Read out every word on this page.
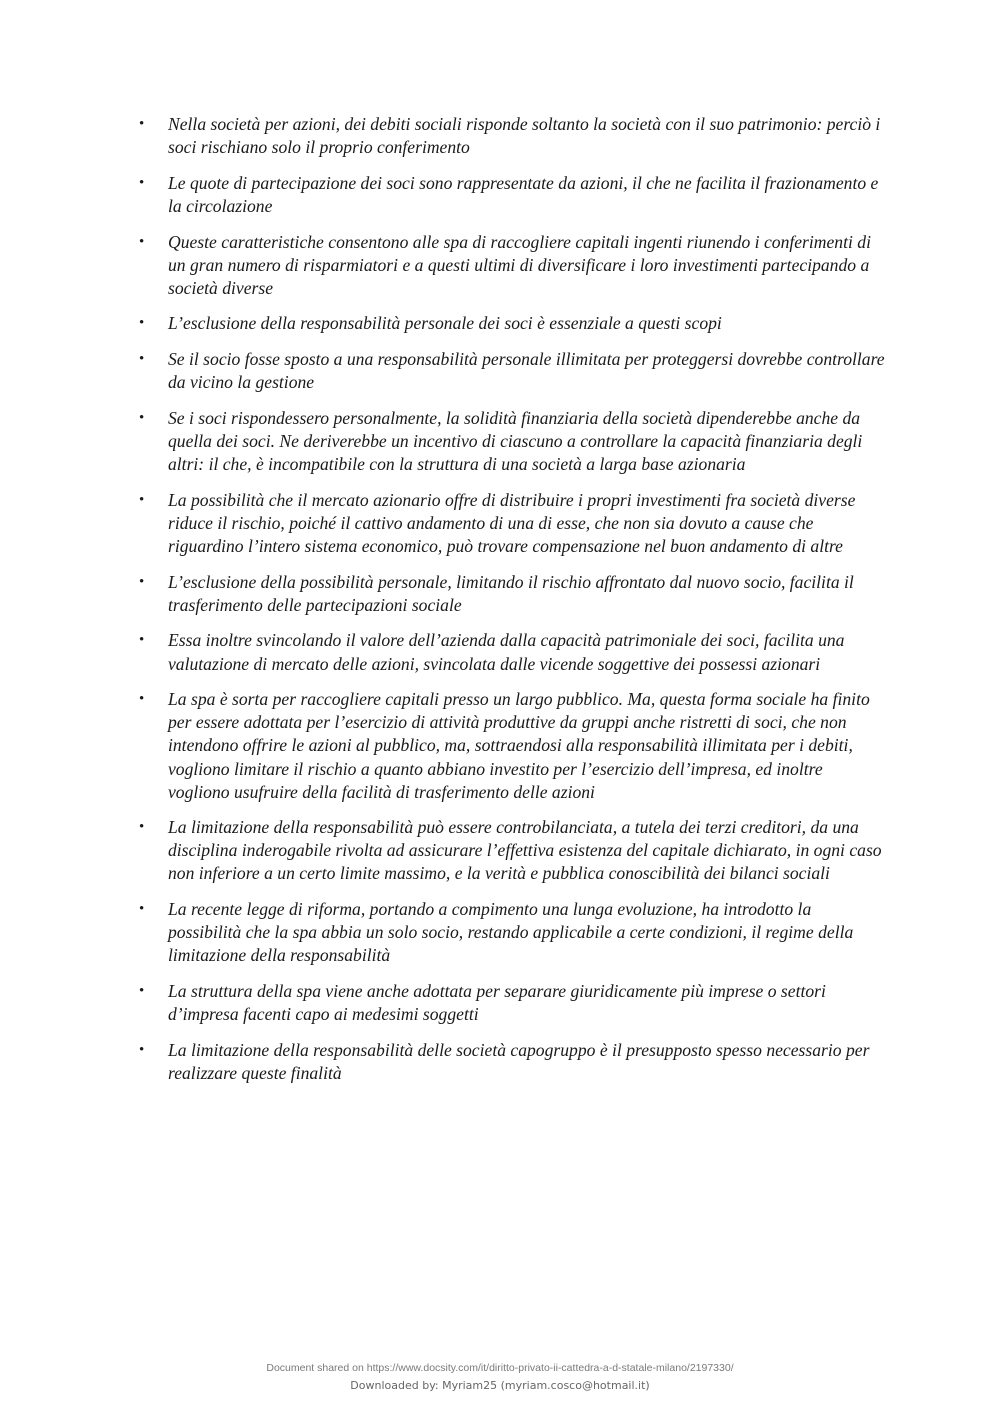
• Nella società per azioni, dei debiti sociali risponde soltanto la società con il suo patrimonio: perciò i soci rischiano solo il proprio conferimento
• Le quote di partecipazione dei soci sono rappresentate da azioni, il che ne facilita il frazionamento e la circolazione
• Queste caratteristiche consentono alle spa di raccogliere capitali ingenti riunendo i conferimenti di un gran numero di risparmiatori e a questi ultimi di diversificare i loro investimenti partecipando a società diverse
• L’esclusione della responsabilità personale dei soci è essenziale a questi scopi
• Se il socio fosse sposto a una responsabilità personale illimitata per proteggersi dovrebbe controllare da vicino la gestione
• Se i soci rispondessero personalmente, la solidità finanziaria della società dipenderebbe anche da quella dei soci. Ne deriverebbe un incentivo di ciascuno a controllare la capacità finanziaria degli altri: il che, è incompatibile con la struttura di una società a larga base azionaria
• La possibilità che il mercato azionario offre di distribuire i propri investimenti fra società diverse riduce il rischio, poiché il cattivo andamento di una di esse, che non sia dovuto a cause che riguardino l’intero sistema economico, può trovare compensazione nel buon andamento di altre
• L’esclusione della possibilità personale, limitando il rischio affrontato dal nuovo socio, facilita il trasferimento delle partecipazioni sociale
• Essa inoltre svincolando il valore dell’azienda dalla capacità patrimoniale dei soci, facilita una valutazione di mercato delle azioni, svincolata dalle vicende soggettive dei possessi azionari
• La spa è sorta per raccogliere capitali presso un largo pubblico. Ma, questa forma sociale ha finito per essere adottata per l’esercizio di attività produttive da gruppi anche ristretti di soci, che non intendono offrire le azioni al pubblico, ma, sottraendosi alla responsabilità illimitata per i debiti, vogliono limitare il rischio a quanto abbiano investito per l’esercizio dell’impresa, ed inoltre vogliono usufruire della facilità di trasferimento delle azioni
• La limitazione della responsabilità può essere controbilanciata, a tutela dei terzi creditori, da una disciplina inderogabile rivolta ad assicurare l’effettiva esistenza del capitale dichiarato, in ogni caso non inferiore a un certo limite massimo, e la verità e pubblica conoscibilità dei bilanci sociali
• La recente legge di riforma, portando a compimento una lunga evoluzione, ha introdotto la possibilità che la spa abbia un solo socio, restando applicabile a certe condizioni, il regime della limitazione della responsabilità
• La struttura della spa viene anche adottata per separare giuridicamente più imprese o settori d’impresa facenti capo ai medesimi soggetti
• La limitazione della responsabilità delle società capogruppo è il presupposto spesso necessario per realizzare queste finalità
Document shared on https://www.docsity.com/it/diritto-privato-ii-cattedra-a-d-statale-milano/2197330/
Downloaded by: Myriam25 (myriam.cosco@hotmail.it)
